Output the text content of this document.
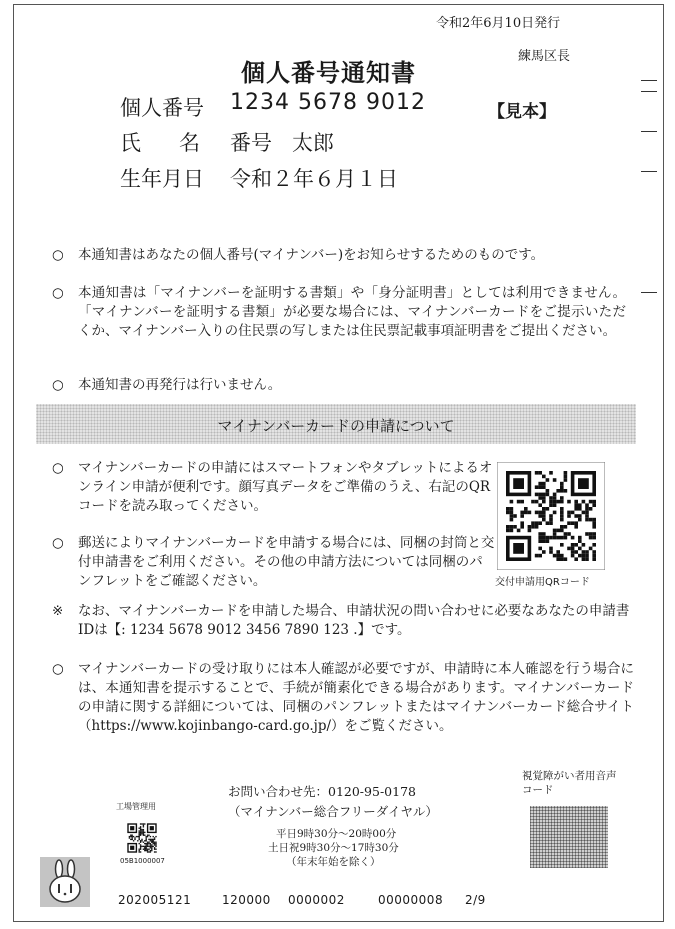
令和2年6月10日発行
練馬区長
個人番号通知書
個人番号 1234 5678 9012
氏 名 番号 太郎
生年月日 令和２年６月１日
【見本】
○ 本通知書はあなたの個人番号(マイナンバー)をお知らせするためのものです。
○ 本通知書は「マイナンバーを証明する書類」や「身分証明書」としては利用できません。「マイナンバーを証明する書類」が必要な場合には、マイナンバーカードをご提示いただくか、マイナンバー入りの住民票の写しまたは住民票記載事項証明書をご提出ください。
○ 本通知書の再発行は行いません。
マイナンバーカードの申請について
○ マイナンバーカードの申請にはスマートフォンやタブレットによるオンライン申請が便利です。顔写真データをご準備のうえ、右記のQRコードを読み取ってください。
○ 郵送によりマイナンバーカードを申請する場合には、同梱の封筒と交付申請書をご利用ください。その他の申請方法については同梱のパンフレットをご確認ください。	交付申請用QRコード
※ なお、マイナンバーカードを申請した場合、申請状況の問い合わせに必要なあなたの申請書IDは【: 1234 5678 9012 3456 7890 123 .】です。
○ マイナンバーカードの受け取りには本人確認が必要ですが、申請時に本人確認を行う場合には、本通知書を提示することで、手続が簡素化できる場合があります。マイナンバーカードの申請に関する詳細については、同梱のパンフレットまたはマイナンバーカード総合サイト（https://www.kojinbango-card.go.jp/）をご覧ください。
お問い合わせ先：0120-95-0178
（マイナンバー総合フリーダイヤル）
平日9時30分～20時00分
土日祝9時30分～17時30分
（年末年始を除く）
工場管理用
05B1000007
視覚障がい者用音声コード
202005121	120000 0000002	00000008 2/9
